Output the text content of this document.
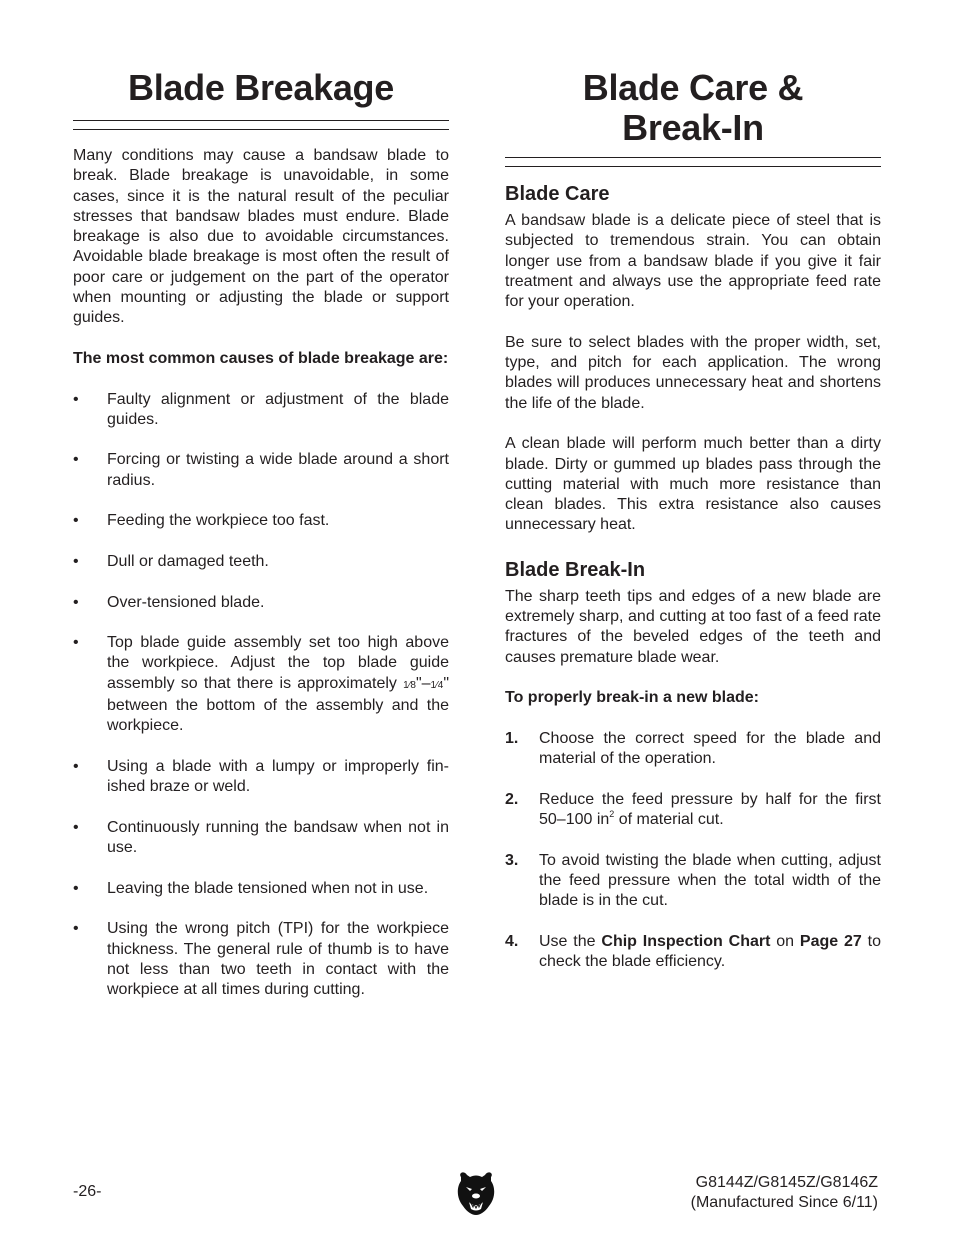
Blade Breakage

Many conditions may cause a bandsaw blade to break. Blade breakage is unavoidable, in some cases, since it is the natural result of the peculiar stresses that bandsaw blades must endure. Blade breakage is also due to avoidable circumstances. Avoidable blade breakage is most often the result of poor care or judgement on the part of the operator when mounting or adjusting the blade or support guides.

The most common causes of blade breakage are:

• Faulty alignment or adjustment of the blade guides.
• Forcing or twisting a wide blade around a short radius.
• Feeding the workpiece too fast.
• Dull or damaged teeth.
• Over-tensioned blade.
• Top blade guide assembly set too high above the workpiece. Adjust the top blade guide assembly so that there is approximately 1⁄8"–1⁄4" between the bottom of the assembly and the workpiece.
• Using a blade with a lumpy or improperly fin-ished braze or weld.
• Continuously running the bandsaw when not in use.
• Leaving the blade tensioned when not in use.
• Using the wrong pitch (TPI) for the workpiece thickness. The general rule of thumb is to have not less than two teeth in contact with the workpiece at all times during cutting.
Blade Care &
Break-In
Blade Care

A bandsaw blade is a delicate piece of steel that is subjected to tremendous strain. You can obtain longer use from a bandsaw blade if you give it fair treatment and always use the appropriate feed rate for your operation.

Be sure to select blades with the proper width, set, type, and pitch for each application. The wrong blades will produces unnecessary heat and shortens the life of the blade.

A clean blade will perform much better than a dirty blade. Dirty or gummed up blades pass through the cutting material with much more resistance than clean blades. This extra resistance also causes unnecessary heat.

Blade Break-In

The sharp teeth tips and edges of a new blade are extremely sharp, and cutting at too fast of a feed rate fractures of the beveled edges of the teeth and causes premature blade wear.

To properly break-in a new blade:

1. Choose the correct speed for the blade and material of the operation.
2. Reduce the feed pressure by half for the first 50–100 $in^2$ of material cut.
3. To avoid twisting the blade when cutting, adjust the feed pressure when the total width of the blade is in the cut.
4. Use the Chip Inspection Chart on Page 27 to check the blade efficiency.
-26-
G8144Z/G8145Z/G8146Z
(Manufactured Since 6/11)
